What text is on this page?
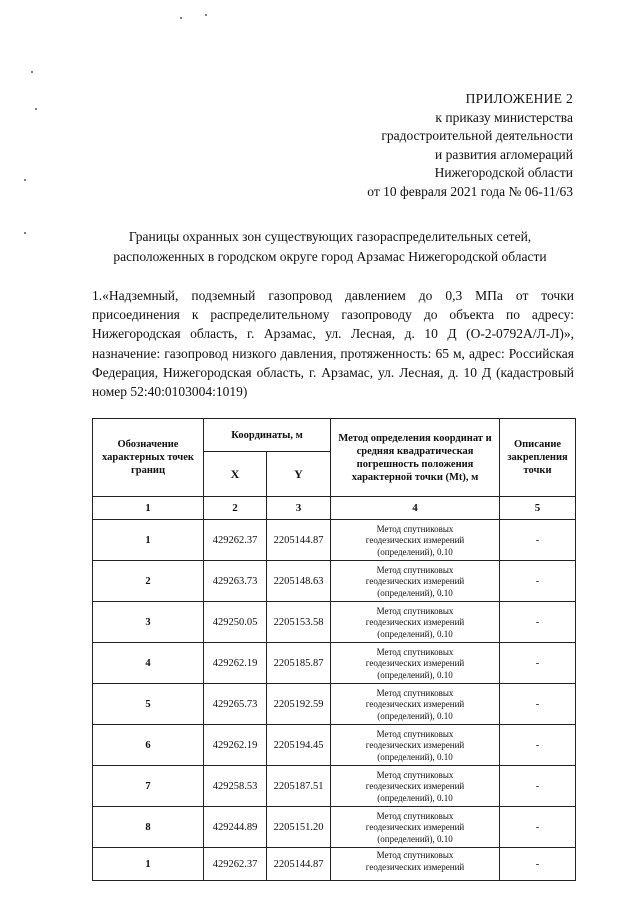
ПРИЛОЖЕНИЕ 2
к приказу министерства
градостроительной деятельности
и развития агломераций
Нижегородской области
от 10 февраля 2021 года № 06-11/63
Границы охранных зон существующих газораспределительных сетей,
расположенных в городском округе город Арзамас Нижегородской области
1.«Надземный, подземный газопровод давлением до 0,3 МПа от точки присоединения к распределительному газопроводу до объекта по адресу: Нижегородская область, г. Арзамас, ул. Лесная, д. 10 Д (О-2-0792А/Л-Л)», назначение: газопровод низкого давления, протяженность: 65 м, адрес: Российская Федерация, Нижегородская область, г. Арзамас, ул. Лесная, д. 10 Д (кадастровый номер 52:40:0103004:1019)
Обозначение характерных точек границ	Координаты, м		Метод определения координат и средняя квадратическая погрешность положения характерной точки (Mt), м	Описание закрепления точки
	X	Y		
1	2	3	4	5
1	429262.37	2205144.87	Метод спутниковых
геодезических измерений
(определений), 0.10	-
2	429263.73	2205148.63	Метод спутниковых
геодезических измерений
(определений), 0.10	-
3	429250.05	2205153.58	Метод спутниковых
геодезических измерений
(определений), 0.10	-
4	429262.19	2205185.87	Метод спутниковых
геодезических измерений
(определений), 0.10	-
5	429265.73	2205192.59	Метод спутниковых
геодезических измерений
(определений), 0.10	-
6	429262.19	2205194.45	Метод спутниковых
геодезических измерений
(определений), 0.10	-
7	429258.53	2205187.51	Метод спутниковых
геодезических измерений
(определений), 0.10	-
8	429244.89	2205151.20	Метод спутниковых
геодезических измерений
(определений), 0.10	-
1	429262.37	2205144.87	Метод спутниковых
геодезических измерений	-
